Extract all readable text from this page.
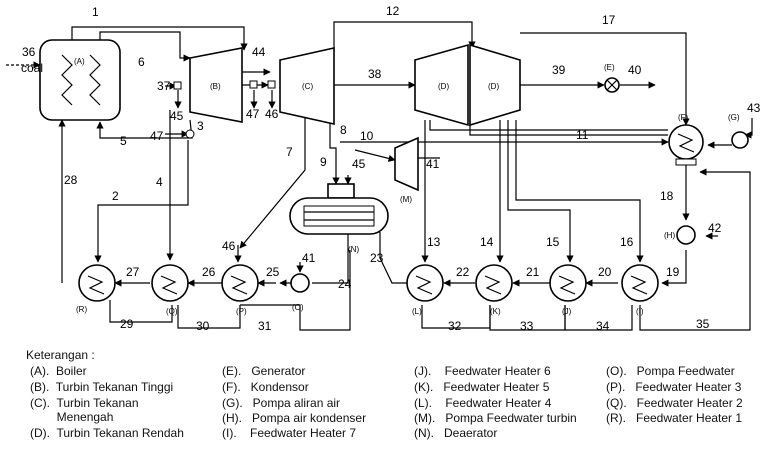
(A)
(B)	(C)	(D)	(D)
(E)
(F)	(G)
(H)
(M)
(N)
(O)
(R)	(Q)	(P)	(L)	(K)	(J)	(I)
1
36
coal	6
37
45
3
47
5
44
47 46
12
38
17
39	40
43
11
8 10
41
9 45
7
2
4
28
46
27	26	25
41
24
29	30	31
23
13	14	15	16
22	21	20	19
18
42
32	33	34	35
Keterangan :
(A).  Boiler
(B).  Turbin Tekanan Tinggi
(C).  Turbin Tekanan
Menengah
(D).  Turbin Tekanan Rendah
(E).   Generator
(F).   Kondensor
(G).   Pompa aliran air
(H).   Pompa air kondenser
(I).    Feedwater Heater 7
(J).    Feedwater Heater 6
(K).   Feedwater Heater 5
(L).    Feedwater Heater 4
(M).   Pompa Feedwater turbin
(N).   Deaerator
(O).   Pompa Feedwater
(P).   Feedwater Heater 3
(Q).   Feedwater Heater 2
(R).   Feedwater Heater 1
